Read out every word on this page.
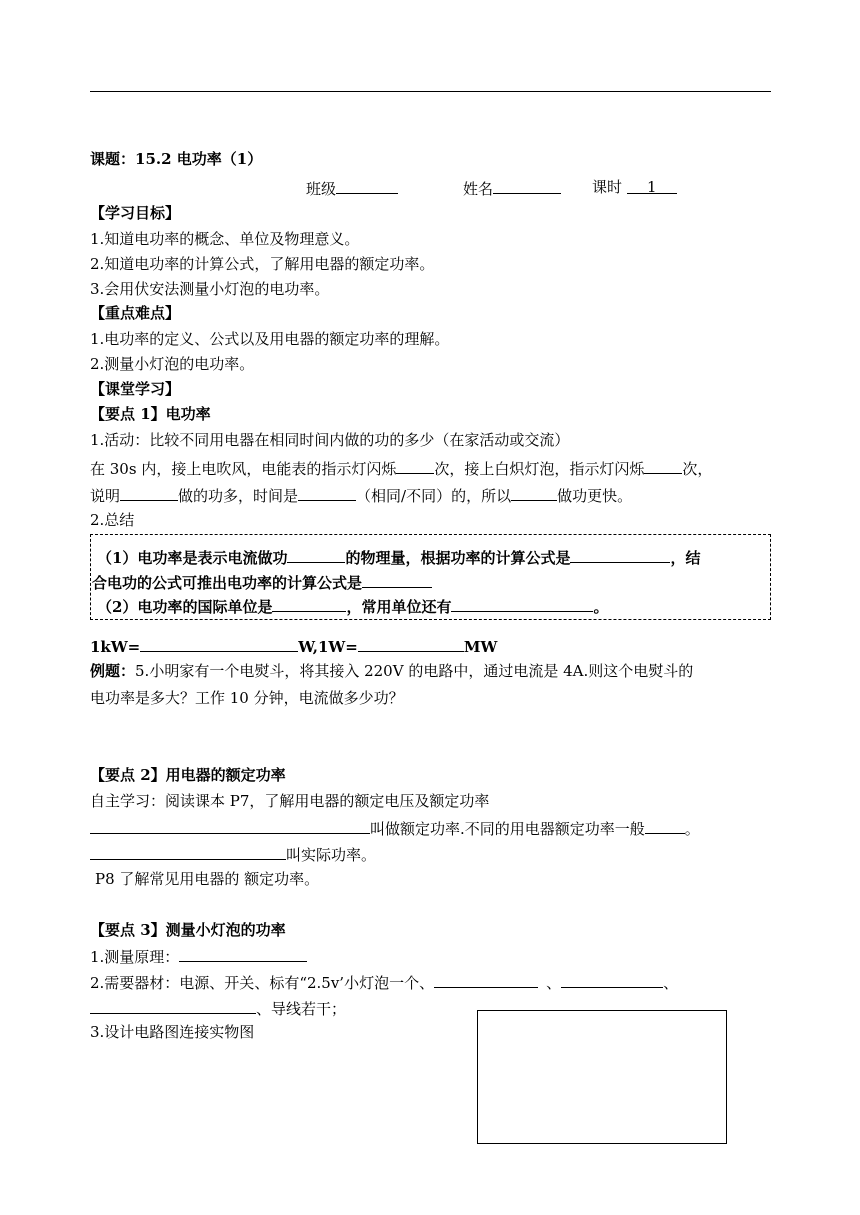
课题：15.2 电功率（1）
班级	姓名	课时 1
【学习目标】
1.知道电功率的概念、单位及物理意义。
2.知道电功率的计算公式，了解用电器的额定功率。
3.会用伏安法测量小灯泡的电功率。
【重点难点】
1.电功率的定义、公式以及用电器的额定功率的理解。
2.测量小灯泡的电功率。
【课堂学习】
【要点 1】电功率
1.活动：比较不同用电器在相同时间内做的功的多少（在家活动或交流）
在 30s 内，接上电吹风，电能表的指示灯闪烁	次，接上白炽灯泡，指示灯闪烁	次，
说明	做的功多，时间是	（相同/不同）的，所以	做功更快。
2.总结
（1）电功率是表示电流做功	的物理量，根据功率的计算公式是	，结
合电功的公式可推出电功率的计算公式是
（2）电功率的国际单位是	，常用单位还有	。
1kW=	W,1W=	MW
例题：5.小明家有一个电熨斗，将其接入 220V 的电路中，通过电流是 4A.则这个电熨斗的
电功率是多大？工作 10 分钟，电流做多少功？
【要点 2】用电器的额定功率
自主学习：阅读课本 P7，了解用电器的额定电压及额定功率
叫做额定功率.不同的用电器额定功率一般	。
叫实际功率。
P8 了解常见用电器的 额定功率。
【要点 3】测量小灯泡的功率
1.测量原理：
2.需要器材：电源、开关、标有“2.5v’小灯泡一个、	、	、
、导线若干；
3.设计电路图连接实物图
